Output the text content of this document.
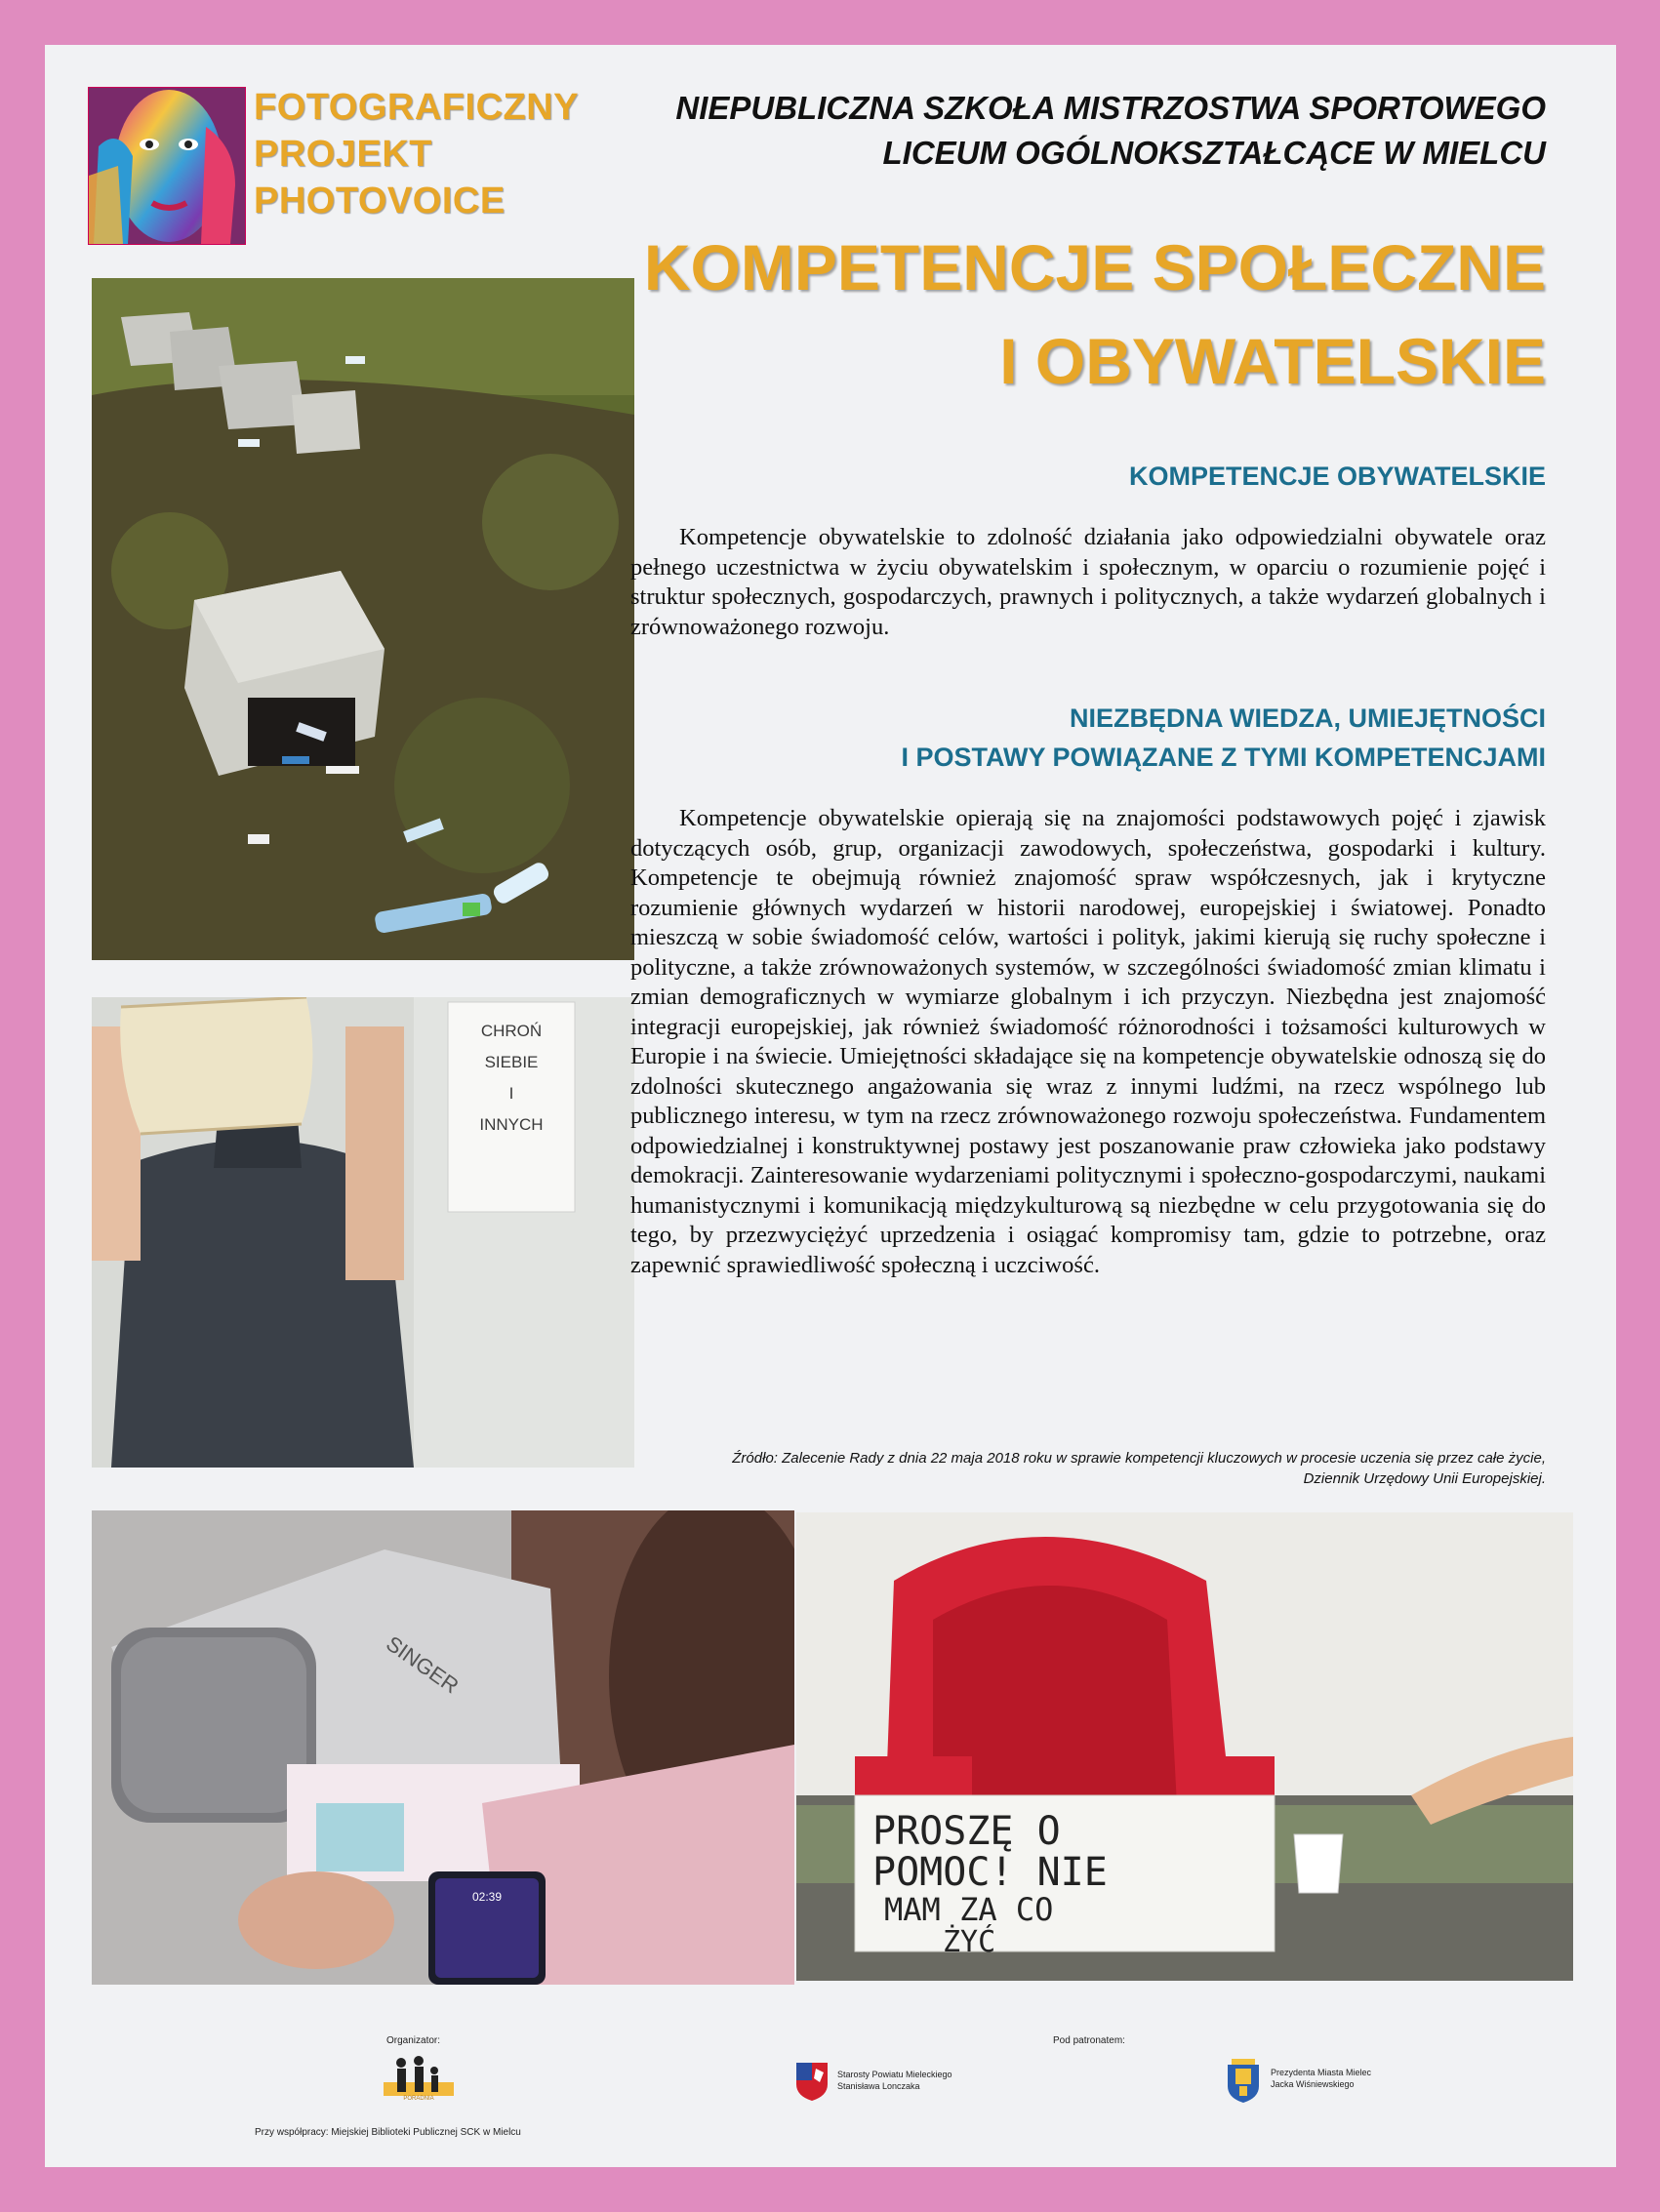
FOTOGRAFICZNY
PROJEKT
PHOTOVOICE
NIEPUBLICZNA SZKOŁA MISTRZOSTWA SPORTOWEGO
LICEUM OGÓLNOKSZTAŁCĄCE W MIELCU
KOMPETENCJE SPOŁECZNE
I OBYWATELSKIE
CHROŃ
SIEBIE
I
INNYCH
KOMPETENCJE OBYWATELSKIE

Kompetencje obywatelskie to zdolność działania jako odpowiedzialni obywatele oraz pełnego uczestnictwa w życiu obywatelskim i społecznym, w oparciu o rozumienie pojęć i struktur społecznych, gospodarczych, prawnych i politycznych, a także wydarzeń globalnych i zrównoważonego rozwoju.

NIEZBĘDNA WIEDZA, UMIEJĘTNOŚCI
I POSTAWY POWIĄZANE Z TYMI KOMPETENCJAMI

Kompetencje obywatelskie opierają się na znajomości podstawowych pojęć i zjawisk dotyczących osób, grup, organizacji zawodowych, społeczeństwa, gospodarki i kultury. Kompetencje te obejmują również znajomość spraw współczesnych, jak i krytyczne rozumienie głównych wydarzeń w historii narodowej, europejskiej i światowej. Ponadto mieszczą w sobie świadomość celów, wartości i polityk, jakimi kierują się ruchy społeczne i polityczne, a także zrównoważonych systemów, w szczególności świadomość zmian klimatu i zmian demograficznych w wymiarze globalnym i ich przyczyn. Niezbędna jest znajomość integracji europejskiej, jak również świadomość różnorodności i tożsamości kulturowych w Europie i na świecie. Umiejętności składające się na kompetencje obywatelskie odnoszą się do zdolności skutecznego angażowania się wraz z innymi ludźmi, na rzecz wspólnego lub publicznego interesu, w tym na rzecz zrównoważonego rozwoju społeczeństwa. Fundamentem odpowiedzialnej i konstruktywnej postawy jest poszanowanie praw człowieka jako podstawy demokracji. Zainteresowanie wydarzeniami politycznymi i społeczno-gospodarczymi, naukami humanistycznymi i komunikacją międzykulturową są niezbędne w celu przygotowania się do tego, by przezwyciężyć uprzedzenia i osiągać kompromisy tam, gdzie to potrzebne, oraz zapewnić sprawiedliwość społeczną i uczciwość.

Źródło: Zalecenie Rady z dnia 22 maja 2018 roku w sprawie kompetencji kluczowych w procesie uczenia się przez całe życie,
Dziennik Urzędowy Unii Europejskiej.
SINGER
02:39
PROSZĘ O
POMOC! NIE
MAM ZA CO
ŻYĆ
Organizator:
PORADNIA
Przy współpracy: Miejskiej Biblioteki Publicznej SCK w Mielcu
Pod patronatem:
Starosty Powiatu Mieleckiego
Stanisława Lonczaka
Prezydenta Miasta Mielec
Jacka Wiśniewskiego
